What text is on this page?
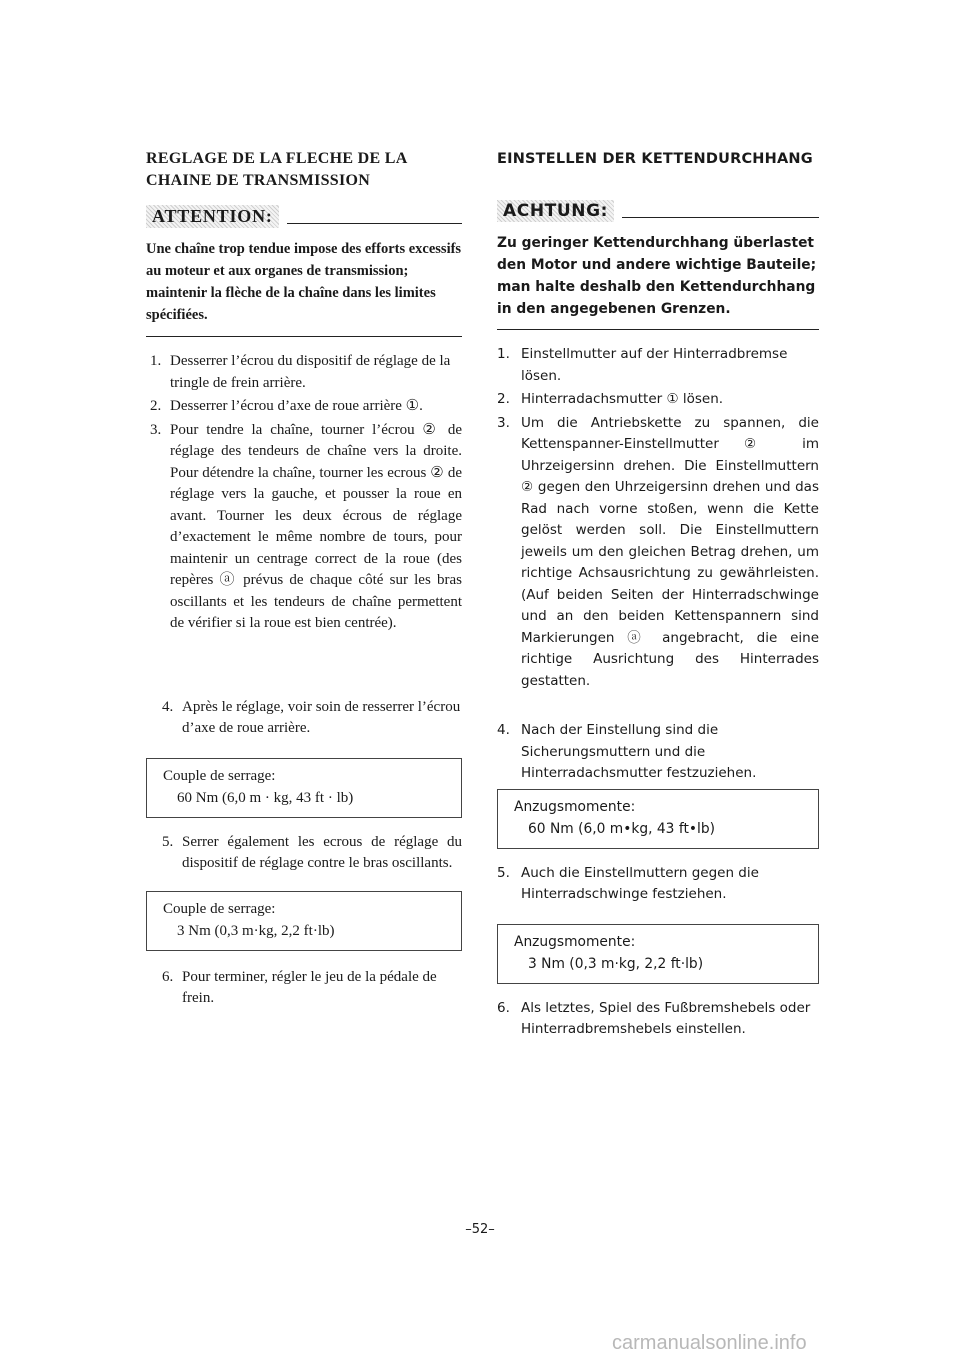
REGLAGE DE LA FLECHE DE LA
CHAINE DE TRANSMISSION
ATTENTION:

Une chaîne trop tendue impose des efforts excessifs au moteur et aux organes de transmission; maintenir la flèche de la chaîne dans les limites spécifiées.

1. Desserrer l’écrou du dispositif de réglage de la tringle de frein arrière.
2. Desserrer l’écrou d’axe de roue arrière ①.
3. Pour tendre la chaîne, tourner l’écrou ② de réglage des tendeurs de chaîne vers la droite. Pour détendre la chaîne, tourner les ecrous ② de réglage vers la gauche, et pousser la roue en avant. Tourner les deux écrous de réglage d’exactement le même nombre de tours, pour maintenir un centrage correct de la roue (des repères ⓐ prévus de chaque côté sur les bras oscillants et les tendeurs de chaîne permettent de vérifier si la roue est bien centrée).
4. Après le réglage, voir soin de resserrer l’écrou d’axe de roue arrière.
Couple de serrage:
60 Nm (6,0 m · kg, 43 ft · lb)
5. Serrer également les ecrous de réglage du dispositif de réglage contre le bras oscillants.
Couple de serrage:
3 Nm (0,3 m·kg, 2,2 ft·lb)
6. Pour terminer, régler le jeu de la pédale de frein.
EINSTELLEN DER KETTENDURCHHANG
ACHTUNG:

Zu geringer Kettendurchhang überlastet den Motor und andere wichtige Bauteile; man halte deshalb den Kettendurchhang in den angegebenen Grenzen.

1. Einstellmutter auf der Hinterradbremse lösen.
2. Hinterradachsmutter ① lösen.
3. Um die Antriebskette zu spannen, die Kettenspanner-Einstellmutter ② im Uhrzeigersinn drehen. Die Einstellmuttern ② gegen den Uhrzeigersinn drehen und das Rad nach vorne stoßen, wenn die Kette gelöst werden soll. Die Einstellmuttern jeweils um den gleichen Betrag drehen, um richtige Achsausrichtung zu gewährleisten. (Auf beiden Seiten der Hinterradschwinge und an den beiden Kettenspannern sind Markierungen ⓐ angebracht, die eine richtige Ausrichtung des Hinterrades gestatten.
4. Nach der Einstellung sind die Sicherungsmuttern und die Hinterradachsmutter festzuziehen.
Anzugsmomente:
60 Nm (6,0 m•kg, 43 ft•lb)
5. Auch die Einstellmuttern gegen die Hinterradschwinge festziehen.
Anzugsmomente:
3 Nm (0,3 m·kg, 2,2 ft·lb)
6. Als letztes, Spiel des Fußbremshebels oder Hinterradbremshebels einstellen.
–52–
carmanualsonline.info
